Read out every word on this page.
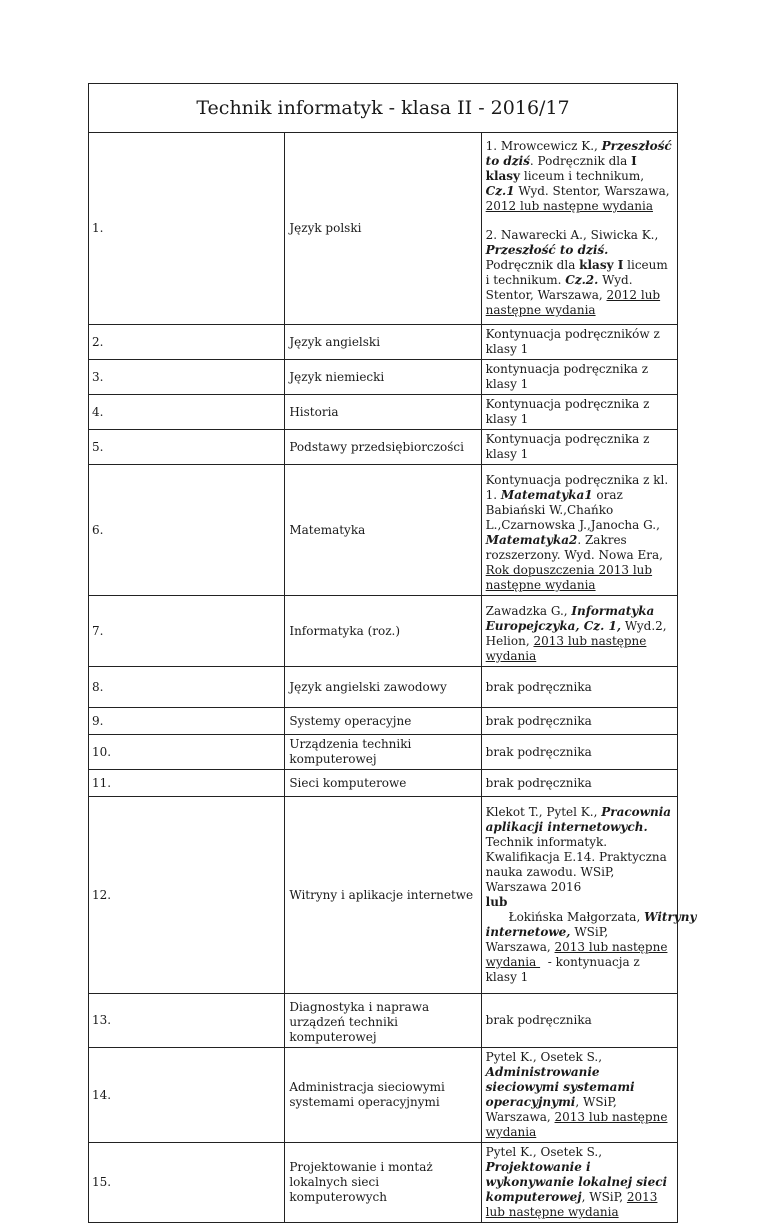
Technik informatyk - klasa II - 2016/17		
1.	Język polski	1. Mrowcewicz K., Przeszłość to dziś. Podręcznik dla I klasy liceum i technikum, Cz.1 Wyd. Stentor, Warszawa, 2012 lub następne wydania
2. Nawarecki A., Siwicka K., Przeszłość to dziś. Podręcznik dla klasy I liceum i technikum. Cz.2. Wyd. Stentor, Warszawa, 2012 lub następne wydania

2.	Język angielski	Kontynuacja podręczników z klasy 1
3.	Język niemiecki	kontynuacja podręcznika z klasy 1
4.	Historia	Kontynuacja podręcznika z klasy 1
5.	Podstawy przedsiębiorczości	Kontynuacja podręcznika z klasy 1
6.	Matematyka	Kontynuacja podręcznika z kl. 1. Matematyka1 oraz Babiański W.,Chańko L.,Czarnowska J.,Janocha G., Matematyka2. Zakres rozszerzony. Wyd. Nowa Era, Rok dopuszczenia 2013 lub następne wydania
7.	Informatyka (roz.)	Zawadzka G., Informatyka Europejczyka, Cz. 1, Wyd.2, Helion, 2013 lub następne wydania
8.	Język angielski zawodowy	brak podręcznika
9.	Systemy operacyjne	brak podręcznika
10.	Urządzenia techniki komputerowej	brak podręcznika
11.	Sieci komputerowe	brak podręcznika
12.	Witryny i aplikacje internetwe	Klekot T., Pytel K., Pracownia aplikacji internetowych. Technik informatyk. Kwalifikacja E.14. Praktyczna nauka zawodu. WSiP, Warszawa 2016
lub      Łokińska Małgorzata, Witryny internetowe, WSiP, Warszawa, 2013 lub następne wydania   - kontynuacja z klasy 1
13.	Diagnostyka i naprawa urządzeń techniki komputerowej	brak podręcznika
14.	Administracja sieciowymi systemami operacyjnymi	Pytel K., Osetek S., Administrowanie sieciowymi systemami operacyjnymi, WSiP, Warszawa, 2013 lub następne wydania
15.	Projektowanie i montaż lokalnych sieci komputerowych	Pytel K., Osetek S.,
Projektowanie i wykonywanie lokalnej sieci komputerowej, WSiP, 2013 lub następne wydania
